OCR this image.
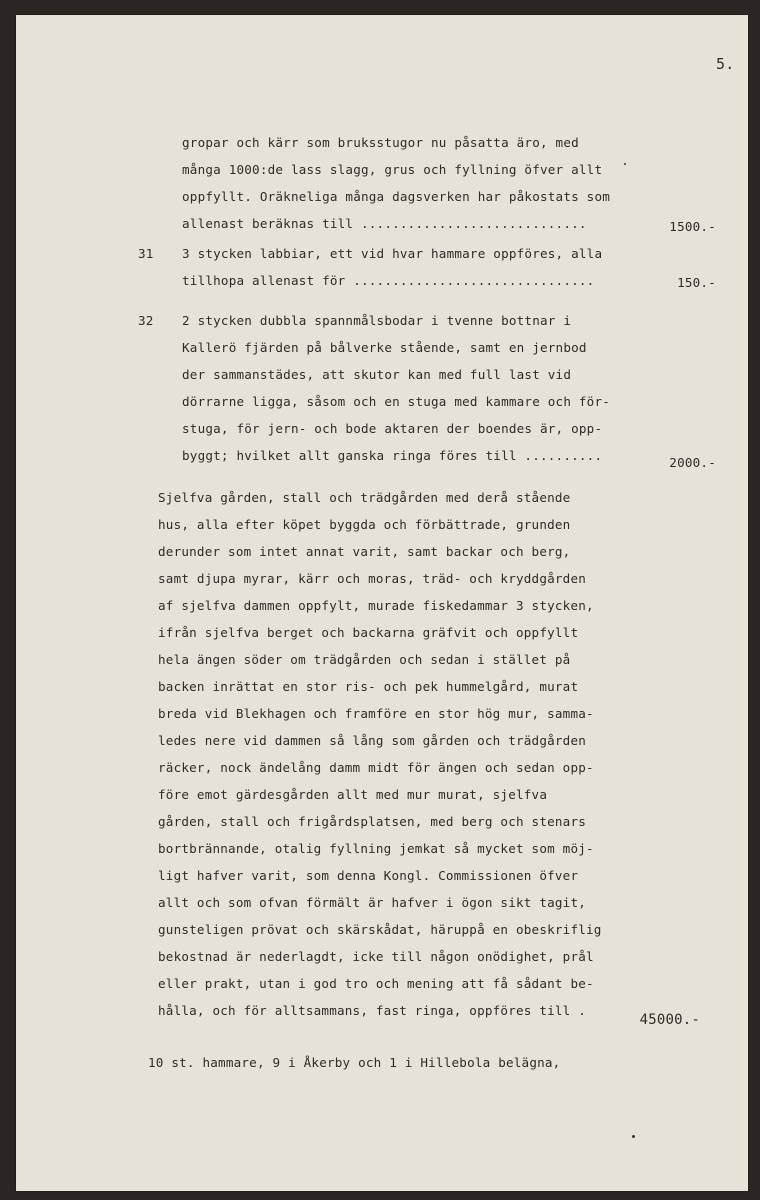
5.

gropar och kärr som bruksstugor nu påsatta äro, med

många 1000:de lass slagg, grus och fyllning öfver allt

oppfyllt. Oräkneliga många dagsverken har påkostats som

allenast beräknas till .............................	1500.-

31 3 stycken labbiar, ett vid hvar hammare oppföres, alla

tillhopa allenast för ...............................	150.-

32 2 stycken dubbla spannmålsbodar i tvenne bottnar i

Kallerö fjärden på bålverke stående, samt en jernbod

der sammanstädes, att skutor kan med full last vid

dörrarne ligga, såsom och en stuga med kammare och för-

stuga, för jern- och bode aktaren der boendes är, opp-

byggt; hvilket allt ganska ringa föres till ..........	2000.-

Sjelfva gården, stall och trädgården med derå stående

hus, alla efter köpet byggda och förbättrade, grunden

derunder som intet annat varit, samt backar och berg,

samt djupa myrar, kärr och moras, träd- och kryddgården

af sjelfva dammen oppfylt, murade fiskedammar 3 stycken,

ifrån sjelfva berget och backarna gräfvit och oppfyllt

hela ängen söder om trädgården och sedan i stället på

backen inrättat en stor ris- och pek hummelgård, murat

breda vid Blekhagen och framföre en stor hög mur, samma-

ledes nere vid dammen så lång som gården och trädgården

räcker, nock ändelång damm midt för ängen och sedan opp-

före emot gärdesgården allt med mur murat, sjelfva

gården, stall och frigårdsplatsen, med berg och stenars

bortbrännande, otalig fyllning jemkat så mycket som möj-

ligt hafver varit, som denna Kongl. Commissionen öfver

allt och som ofvan förmält är hafver i ögon sikt tagit,

gunsteligen prövat och skärskådat, häruppå en obeskriflig

bekostnad är nederlagdt, icke till någon onödighet, prål

eller prakt, utan i god tro och mening att få sådant be-

hålla, och för alltsammans, fast ringa, oppföres till .

45000.-

10 st. hammare, 9 i Åkerby och 1 i Hillebola belägna,
